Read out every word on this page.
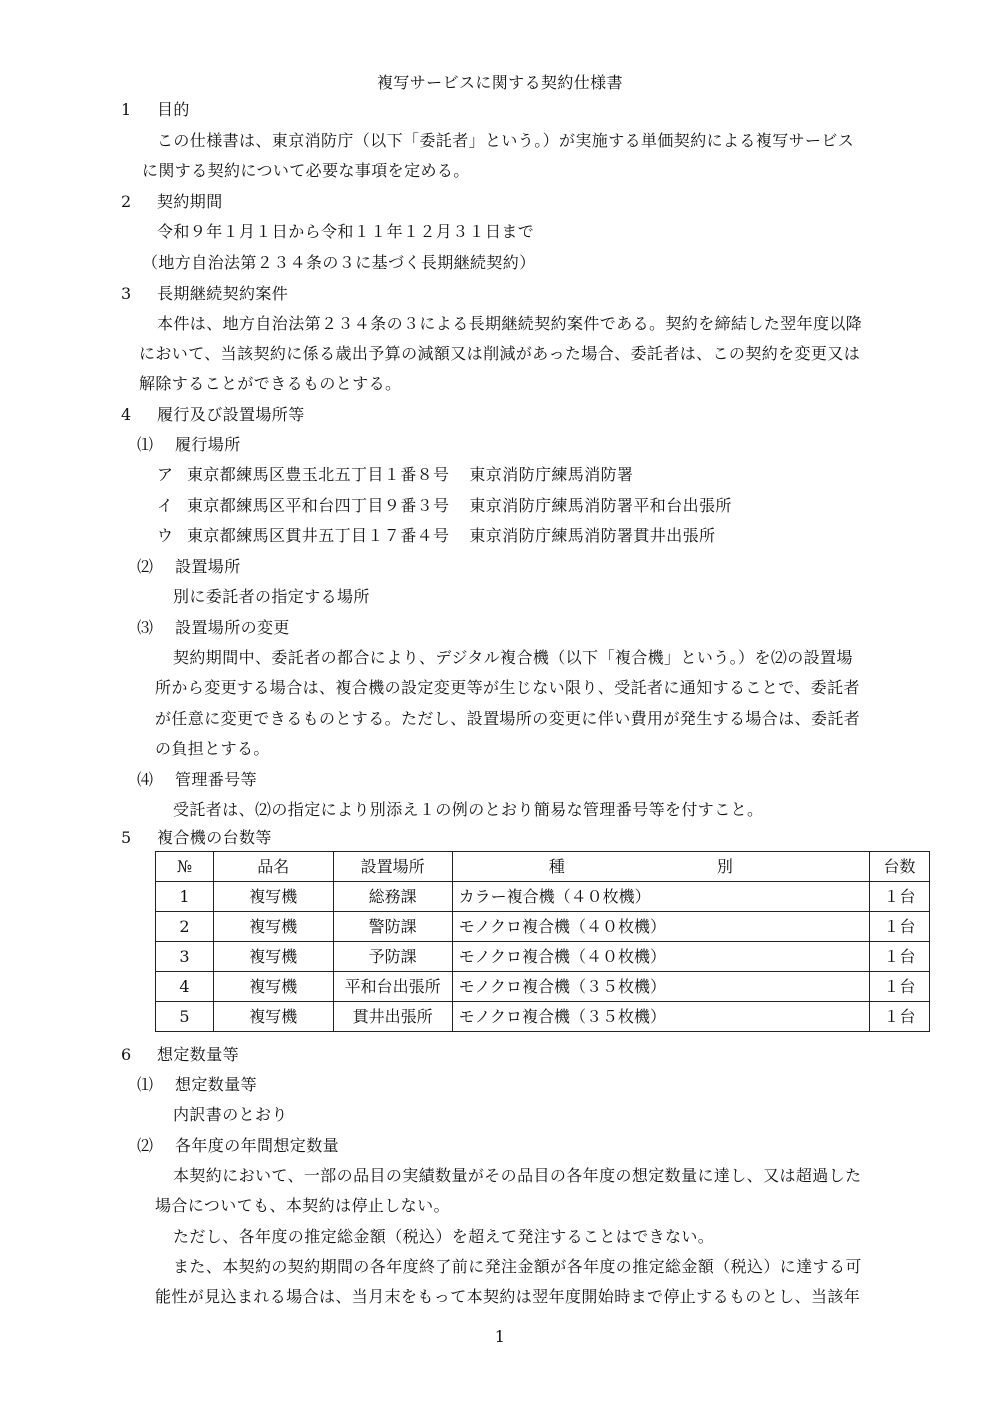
複写サービスに関する契約仕様書
1 目的
この仕様書は、東京消防庁（以下「委託者」という。）が実施する単価契約による複写サービス
に関する契約について必要な事項を定める。
2 契約期間
令和９年１月１日から令和１１年１２月３１日まで
（地方自治法第２３４条の３に基づく長期継続契約）
3 長期継続契約案件
本件は、地方自治法第２３４条の３による長期継続契約案件である。契約を締結した翌年度以降
において、当該契約に係る歳出予算の減額又は削減があった場合、委託者は、この契約を変更又は
解除することができるものとする。
4 履行及び設置場所等
⑴ 履行場所
ア 東京都練馬区豊玉北五丁目１番８号 東京消防庁練馬消防署
イ 東京都練馬区平和台四丁目９番３号 東京消防庁練馬消防署平和台出張所
ウ 東京都練馬区貫井五丁目１７番４号 東京消防庁練馬消防署貫井出張所
⑵ 設置場所
別に委託者の指定する場所
⑶ 設置場所の変更
契約期間中、委託者の都合により、デジタル複合機（以下「複合機」という。）を⑵の設置場
所から変更する場合は、複合機の設定変更等が生じない限り、受託者に通知することで、委託者
が任意に変更できるものとする。ただし、設置場所の変更に伴い費用が発生する場合は、委託者
の負担とする。
⑷ 管理番号等
受託者は、⑵の指定により別添え１の例のとおり簡易な管理番号等を付すこと。
5 複合機の台数等
№	品名	設置場所	種　　別	台数
1	複写機	総務課	カラー複合機（４０枚機）	１台
2	複写機	警防課	モノクロ複合機（４０枚機）	１台
3	複写機	予防課	モノクロ複合機（４０枚機）	１台
4	複写機	平和台出張所	モノクロ複合機（３５枚機）	１台
5	複写機	貫井出張所	モノクロ複合機（３５枚機）	１台
6 想定数量等
⑴ 想定数量等
内訳書のとおり
⑵ 各年度の年間想定数量
本契約において、一部の品目の実績数量がその品目の各年度の想定数量に達し、又は超過した
場合についても、本契約は停止しない。
ただし、各年度の推定総金額（税込）を超えて発注することはできない。
また、本契約の契約期間の各年度終了前に発注金額が各年度の推定総金額（税込）に達する可
能性が見込まれる場合は、当月末をもって本契約は翌年度開始時まで停止するものとし、当該年
1
